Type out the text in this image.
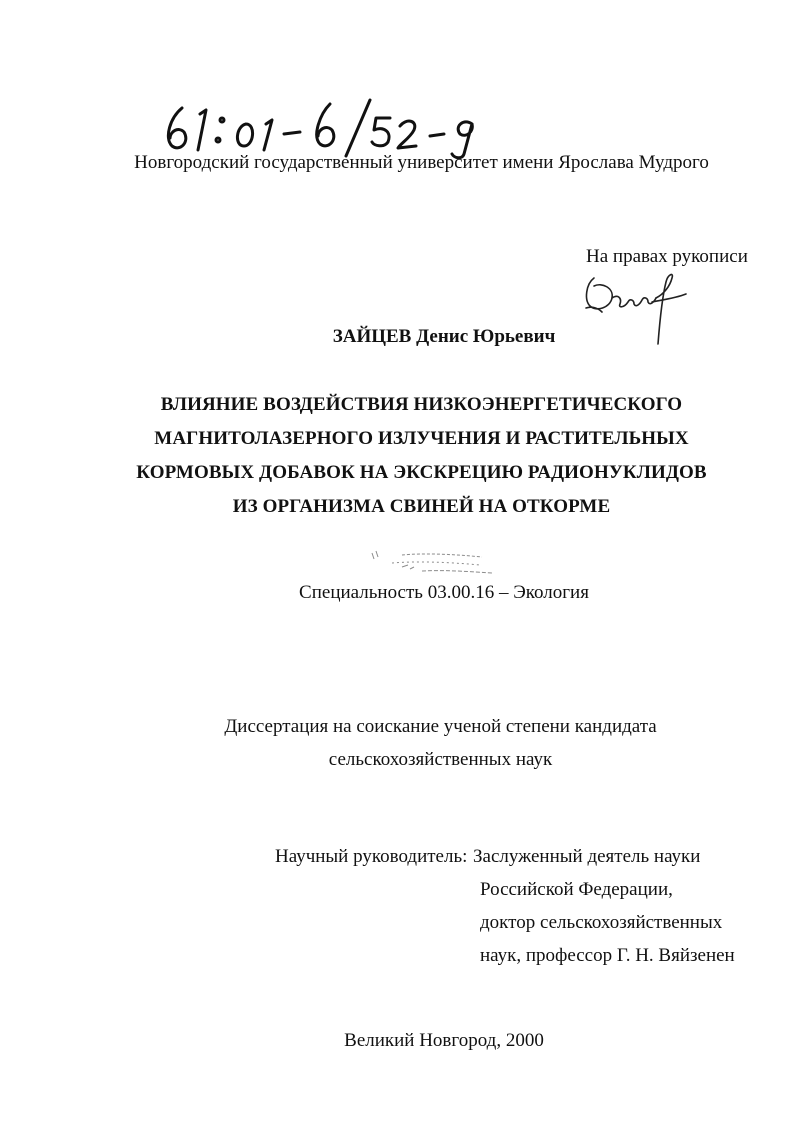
Новгородский государственный университет имени Ярослава Мудрого
На правах рукописи
ЗАЙЦЕВ Денис Юрьевич
ВЛИЯНИЕ ВОЗДЕЙСТВИЯ НИЗКОЭНЕРГЕТИЧЕСКОГО
МАГНИТОЛАЗЕРНОГО ИЗЛУЧЕНИЯ И РАСТИТЕЛЬНЫХ
КОРМОВЫХ ДОБАВОК НА ЭКСКРЕЦИЮ РАДИОНУКЛИДОВ
ИЗ ОРГАНИЗМА СВИНЕЙ НА ОТКОРМЕ
Специальность 03.00.16 – Экология
Диссертация на соискание ученой степени кандидата
сельскохозяйственных наук
Научный руководитель: Заслуженный деятель науки
Российской Федерации,
доктор сельскохозяйственных
наук, профессор Г. Н. Вяйзенен
Великий Новгород, 2000
